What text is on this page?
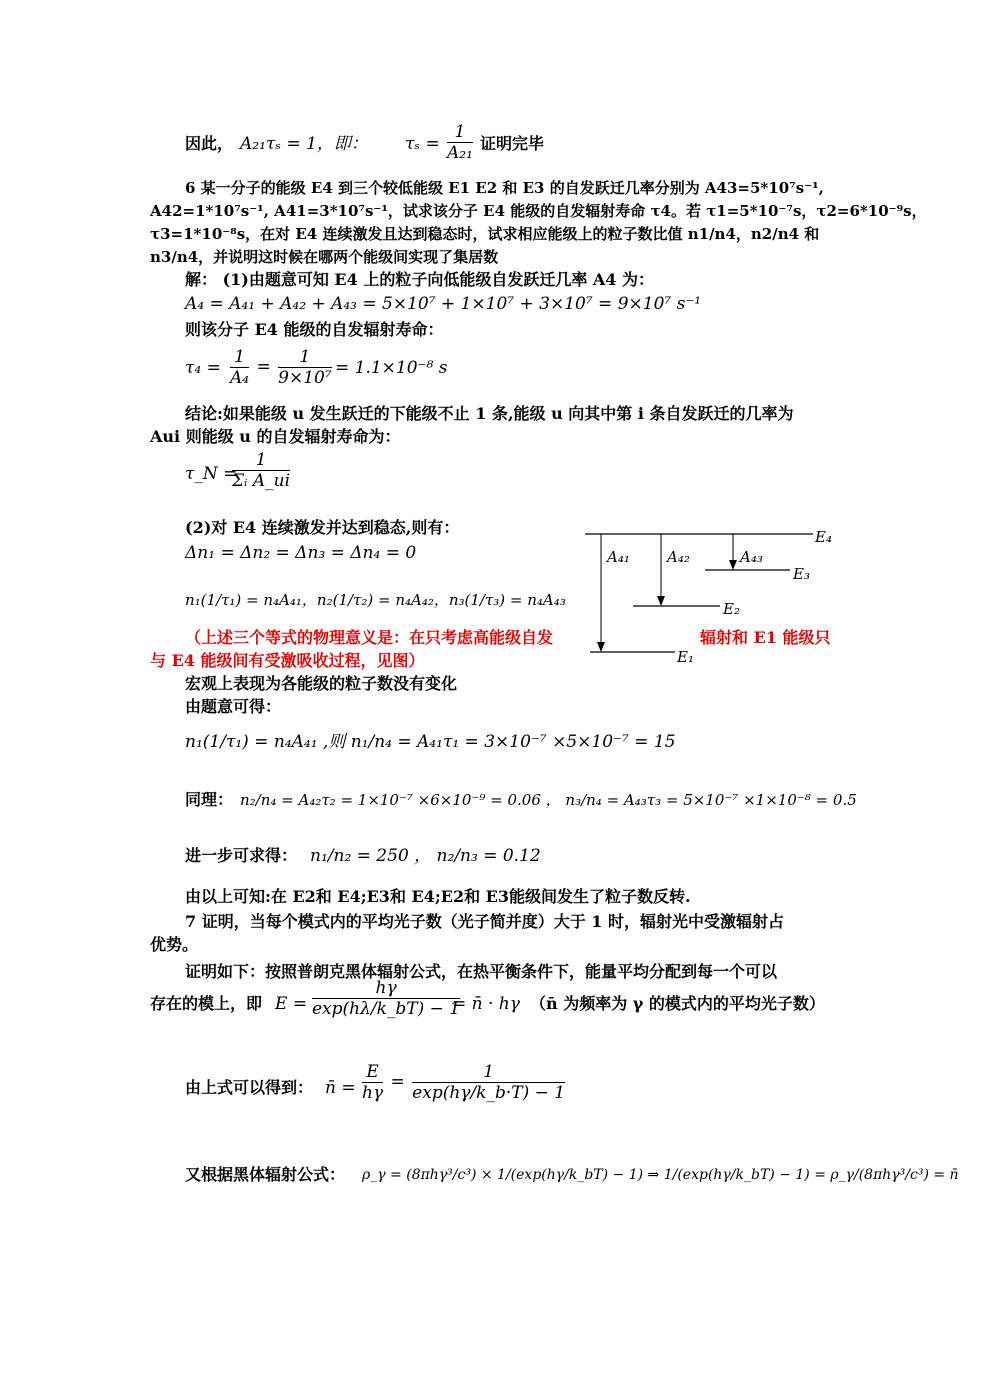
因此， A₂₁τₛ = 1，即： $\tau_s = \frac{1}{\text{A₂₁}}$ 证明完毕
6 某一分子的能级 E4 到三个较低能级 E1 E2 和 E3 的自发跃迁几率分别为 A43=5*10⁷s⁻¹,
A42=1*10⁷s⁻¹, A41=3*10⁷s⁻¹，试求该分子 E4 能级的自发辐射寿命 τ4。若 τ1=5*10⁻⁷s，τ2=6*10⁻⁹s，
τ3=1*10⁻⁸s，在对 E4 连续激发且达到稳态时，试求相应能级上的粒子数比值 n1/n4，n2/n4 和
n3/n4，并说明这时候在哪两个能级间实现了集居数
解： (1)由题意可知 E4 上的粒子向低能级自发跃迁几率 A4 为：
A₄ = A₄₁ + A₄₂ + A₄₃ = 5×10⁷ + 1×10⁷ + 3×10⁷ = 9×10⁷ s⁻¹
则该分子 E4 能级的自发辐射寿命：
$\tau_4 = \frac{1}{\text{A₄}} = \frac{1}{\text{9×10⁷}} = 1.1\times 10^{-8}$ s
结论:如果能级 u 发生跃迁的下能级不止 1 条,能级 u 向其中第 i 条自发跃迁的几率为
Aui 则能级 u 的自发辐射寿命为：
τ_N =
$\frac{1}{\text{Σᵢ A\_ui}}$
(2)对 E4 连续激发并达到稳态,则有：
Δn₁ = Δn₂ = Δn₃ = Δn₄ = 0
n₁(1/τ₁) = n₄A₄₁，n₂(1/τ₂) = n₄A₄₂，n₃(1/τ₃) = n₄A₄₃
E₄
E₃
E₂
E₁
A₄₁ A₄₂	A₄₃
（上述三个等式的物理意义是：在只考虑高能级自发	辐射和 E1 能级只
与 E4 能级间有受激吸收过程，见图）
宏观上表现为各能级的粒子数没有变化
由题意可得：
n₁(1/τ₁) = n₄A₄₁ ,则 n₁/n₄ = A₄₁τ₁ = 3×10⁻⁷ ×5×10⁻⁷ = 15
同理： n₂/n₄ = A₄₂τ₂ = 1×10⁻⁷ ×6×10⁻⁹ = 0.06 ， n₃/n₄ = A₄₃τ₃ = 5×10⁻⁷ ×1×10⁻⁸ = 0.5
进一步可求得： n₁/n₂ = 250 ， n₂/n₃ = 0.12
由以上可知:在 E2和 E4;E3和 E4;E2和 E3能级间发生了粒子数反转.
7 证明，当每个模式内的平均光子数（光子简并度）大于 1 时，辐射光中受激辐射占
优势。
证明如下：按照普朗克黑体辐射公式，在热平衡条件下，能量平均分配到每一个可以
存在的模上，即 $E = \frac{h\gamma}{\exp(h\lambda/k\_bT) - 1}$
= n̄ · hγ （n̄ 为频率为 γ 的模式内的平均光子数）
由上式可以得到： n̄ = $\frac{E}{h\gamma} = \frac{1}{\exp(h\gamma/k\_b\cdot T) - 1}$
又根据黑体辐射公式： ρ_γ = (8πhγ³/c³) × 1/(exp(hγ/k_bT) − 1) ⇒ 1/(exp(hγ/k_bT) − 1) = ρ_γ/(8πhγ³/c³) = n̄
